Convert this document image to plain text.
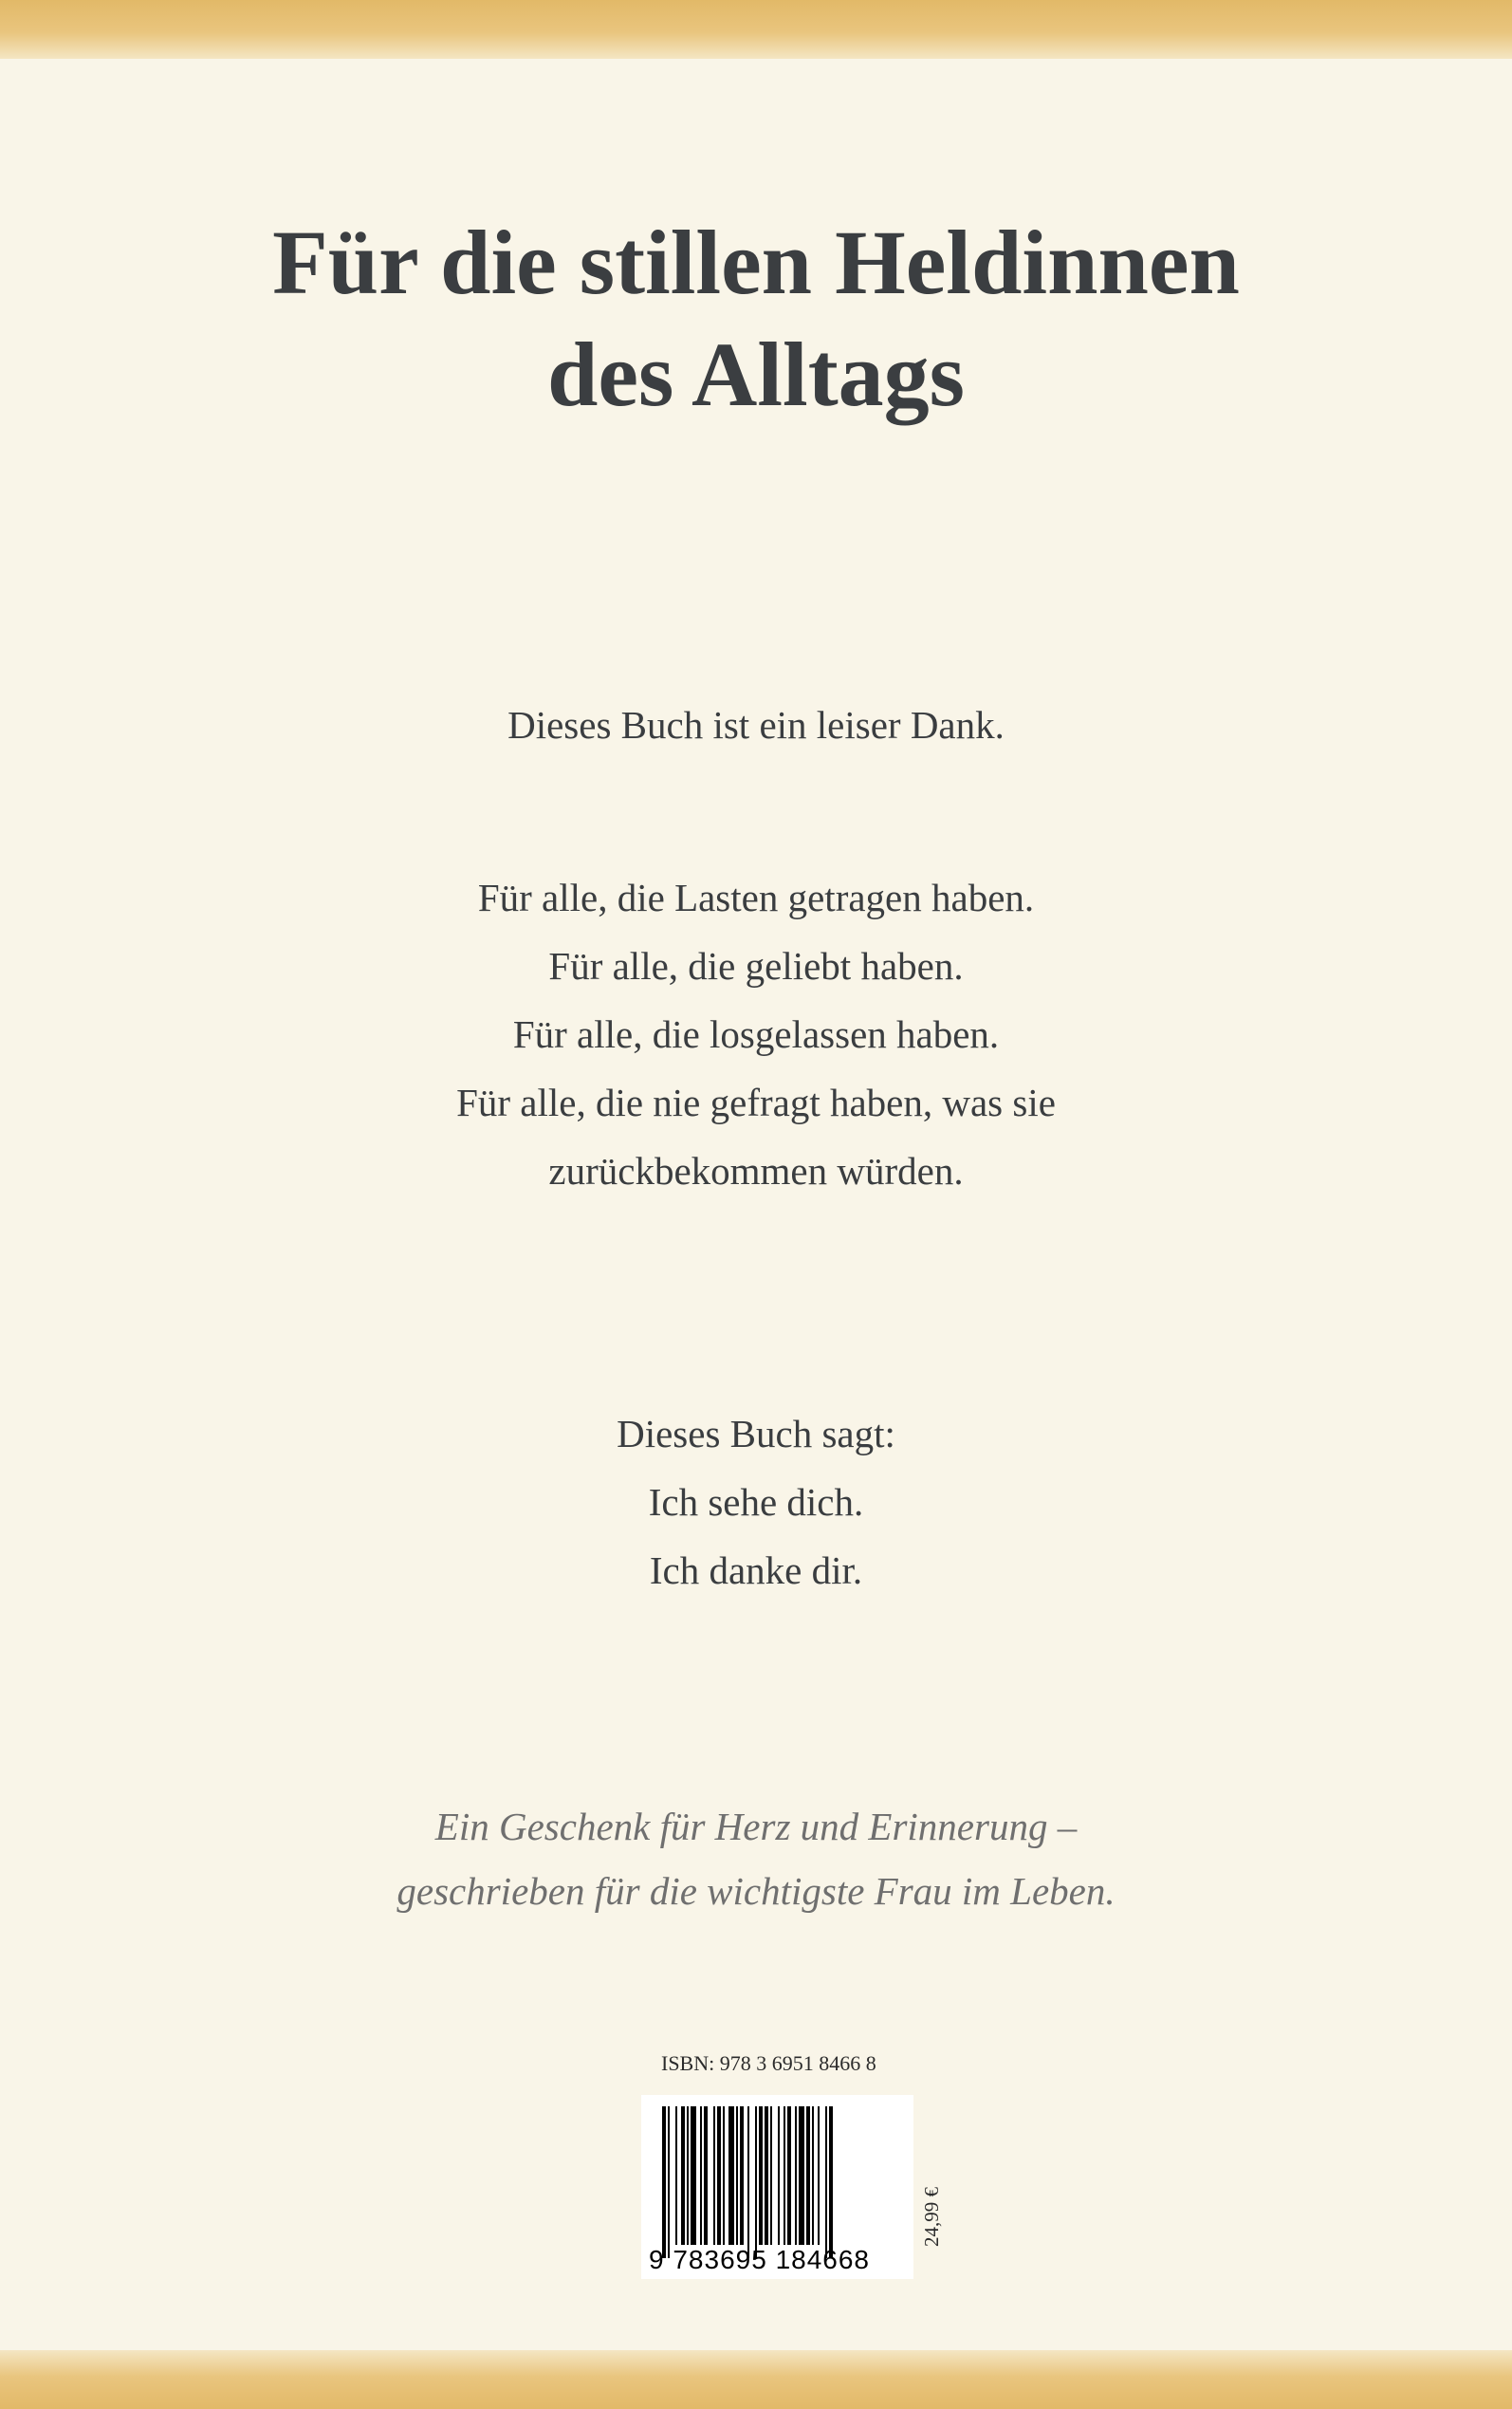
Für die stillen Heldinnen
des Alltags
Dieses Buch ist ein leiser Dank.
Für alle, die Lasten getragen haben.
Für alle, die geliebt haben.
Für alle, die losgelassen haben.
Für alle, die nie gefragt haben, was sie
zurückbekommen würden.
Dieses Buch sagt:
Ich sehe dich.
Ich danke dir.
Ein Geschenk für Herz und Erinnerung –
geschrieben für die wichtigste Frau im Leben.
ISBN: 978 3 6951 8466 8
9 783695 184668
24,99 €
